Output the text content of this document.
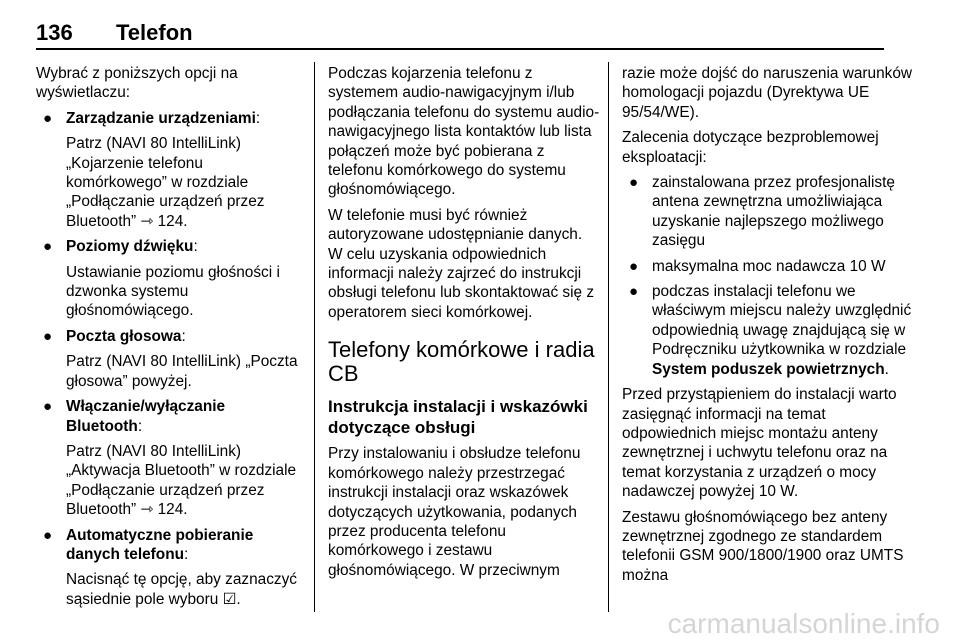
136 Telefon

Wybrać z poniższych opcji na wyświetlaczu:

● Zarządzanie urządzeniami:
Patrz (NAVI 80 IntelliLink) „Kojarzenie telefonu komórkowego” w rozdziale „Podłączanie urządzeń przez Bluetooth” ⇾ 124.
● Poziomy dźwięku:
Ustawianie poziomu głośności i dzwonka systemu głośnomówiącego.
● Poczta głosowa:
Patrz (NAVI 80 IntelliLink) „Poczta głosowa” powyżej.
● Włączanie/wyłączanie Bluetooth:
Patrz (NAVI 80 IntelliLink) „Aktywacja Bluetooth” w rozdziale „Podłączanie urządzeń przez Bluetooth” ⇾ 124.
● Automatyczne pobieranie danych telefonu:
Nacisnąć tę opcję, aby zaznaczyć sąsiednie pole wyboru ☑.

Podczas kojarzenia telefonu z systemem audio-nawigacyjnym i/lub podłączania telefonu do systemu audio-nawigacyjnego lista kontaktów lub lista połączeń może być pobierana z telefonu komórkowego do systemu głośnomówiącego.

W telefonie musi być również autoryzowane udostępnianie danych. W celu uzyskania odpowiednich informacji należy zajrzeć do instrukcji obsługi telefonu lub skontaktować się z operatorem sieci komórkowej.

Telefony komórkowe i radia CB
Instrukcja instalacji i wskazówki dotyczące obsługi

Przy instalowaniu i obsłudze telefonu komórkowego należy przestrzegać instrukcji instalacji oraz wskazówek dotyczących użytkowania, podanych przez producenta telefonu komórkowego i zestawu głośnomówiącego. W przeciwnym

razie może dojść do naruszenia warunków homologacji pojazdu (Dyrektywa UE 95/54/WE).

Zalecenia dotyczące bezproblemowej eksploatacji:

● zainstalowana przez profesjonalistę antena zewnętrzna umożliwiająca uzyskanie najlepszego możliwego zasięgu
● maksymalna moc nadawcza 10 W
● podczas instalacji telefonu we właściwym miejscu należy uwzględnić odpowiednią uwagę znajdującą się w Podręczniku użytkownika w rozdziale System poduszek powietrznych.

Przed przystąpieniem do instalacji warto zasięgnąć informacji na temat odpowiednich miejsc montażu anteny zewnętrznej i uchwytu telefonu oraz na temat korzystania z urządzeń o mocy nadawczej powyżej 10 W.

Zestawu głośnomówiącego bez anteny zewnętrznej zgodnego ze standardem telefonii GSM 900/1800/1900 oraz UMTS można

carmanualsonline.info
